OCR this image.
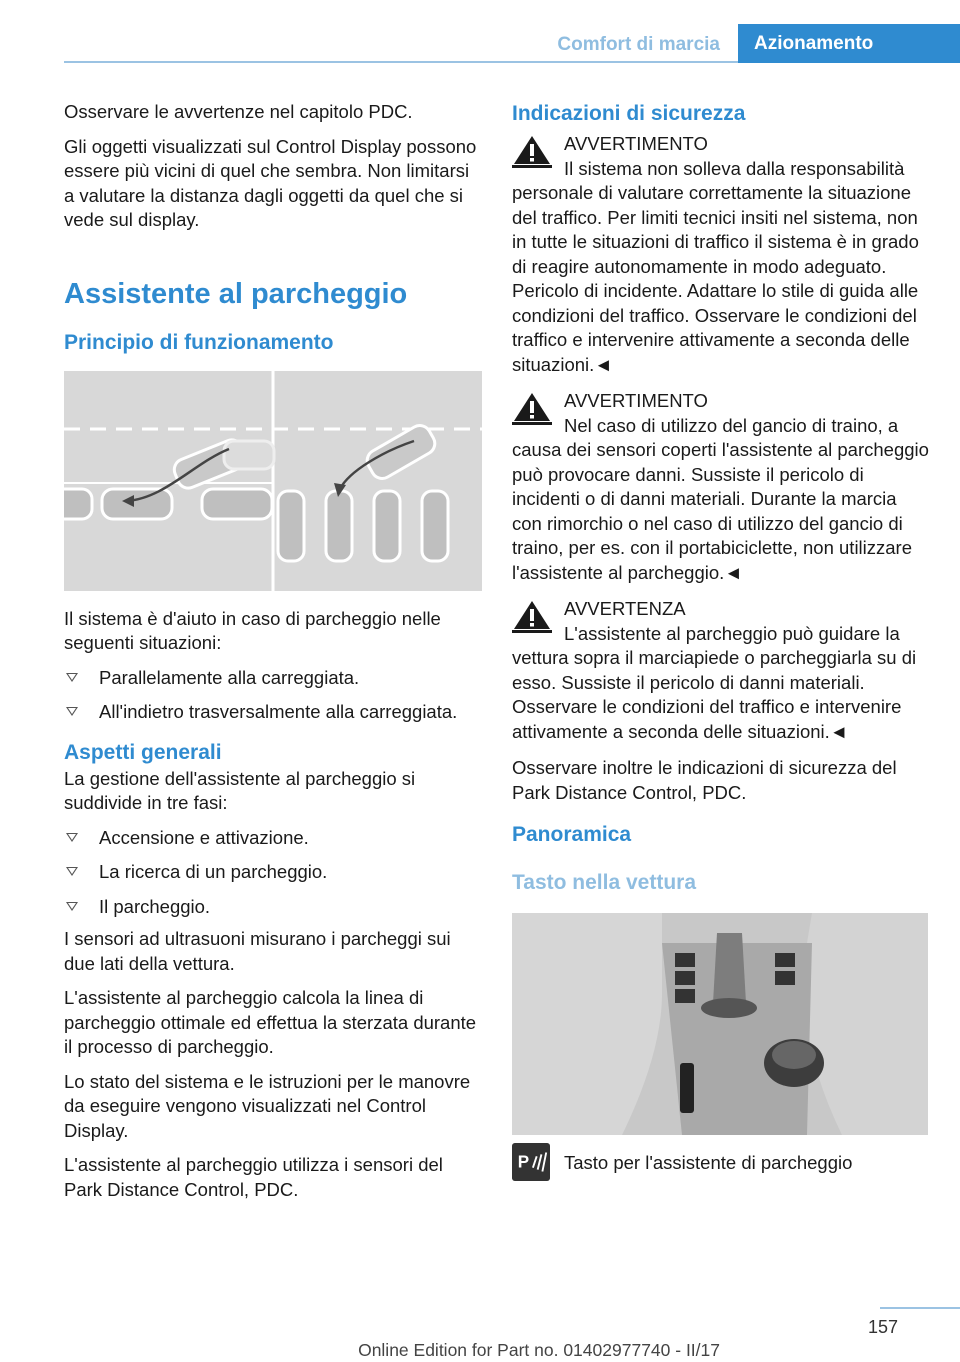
Comfort di marcia	Azionamento

Osservare le avvertenze nel capitolo PDC.

Gli oggetti visualizzati sul Control Display possono essere più vicini di quel che sembra. Non limitarsi a valutare la distanza dagli oggetti da quel che si vede sul display.

Assistente al parcheggio
Principio di funzionamento

Il sistema è d'aiuto in caso di parcheggio nelle seguenti situazioni:

Parallelamente alla carreggiata.
All'indietro trasversalmente alla carreggiata.
Aspetti generali

La gestione dell'assistente al parcheggio si suddivide in tre fasi:

Accensione e attivazione.
La ricerca di un parcheggio.
Il parcheggio.

I sensori ad ultrasuoni misurano i parcheggi sui due lati della vettura.

L'assistente al parcheggio calcola la linea di parcheggio ottimale ed effettua la sterzata durante il processo di parcheggio.

Lo stato del sistema e le istruzioni per le manovre da eseguire vengono visualizzati nel Control Display.

L'assistente al parcheggio utilizza i sensori del Park Distance Control, PDC.

Indicazioni di sicurezza
AVVERTIMENTO
Il sistema non solleva dalla responsabilità personale di valutare correttamente la situazione del traffico. Per limiti tecnici insiti nel sistema, non in tutte le situazioni di traffico il sistema è in grado di reagire autonomamente in modo adeguato. Pericolo di incidente. Adattare lo stile di guida alle condizioni del traffico. Osservare le condizioni del traffico e intervenire attivamente a seconda delle situazioni.◄
AVVERTIMENTO
Nel caso di utilizzo del gancio di traino, a causa dei sensori coperti l'assistente al parcheggio può provocare danni. Sussiste il pericolo di incidenti o di danni materiali. Durante la marcia con rimorchio o nel caso di utilizzo del gancio di traino, per es. con il portabiciclette, non utilizzare l'assistente al parcheggio.◄
AVVERTENZA
L'assistente al parcheggio può guidare la vettura sopra il marciapiede o parcheggiarla su di esso. Sussiste il pericolo di danni materiali. Osservare le condizioni del traffico e intervenire attivamente a seconda delle situazioni.◄

Osservare inoltre le indicazioni di sicurezza del Park Distance Control, PDC.

Panoramica
Tasto nella vettura
P	Tasto per l'assistente di parcheggio
157
Online Edition for Part no. 01402977740 - II/17
